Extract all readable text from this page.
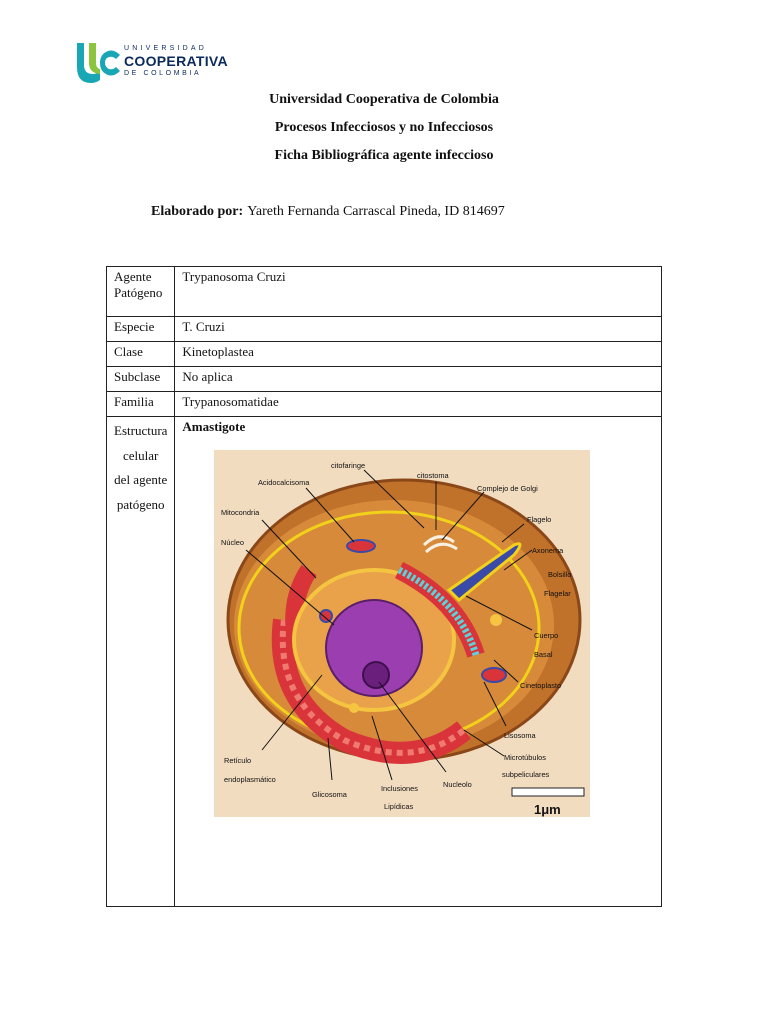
UNIVERSIDAD
COOPERATIVA
DE COLOMBIA
Universidad Cooperativa de Colombia
Procesos Infecciosos y no Infecciosos
Ficha Bibliográfica agente infeccioso
Elaborado por: Yareth Fernanda Carrascal Pineda, ID 814697
Agente Patógeno	Trypanosoma Cruzi
Especie	T. Cruzi
Clase	Kinetoplastea
Subclase	No aplica
Familia	Trypanosomatidae
Estructura celular del agente patógeno	Amastigote
citofaringe
citostoma
Acidocalcisoma
Complejo de Golgi
Mitocondria
Flagelo
Núcleo
Axonema
Bolsillo
Flagelar
Cuerpo
Basal
Cinetoplasto
Lisosoma
Microtúbulos
subpeliculares
Retículo
endoplasmático
Glicosoma
Inclusiones
Lipídicas
Nucleolo
1μm
